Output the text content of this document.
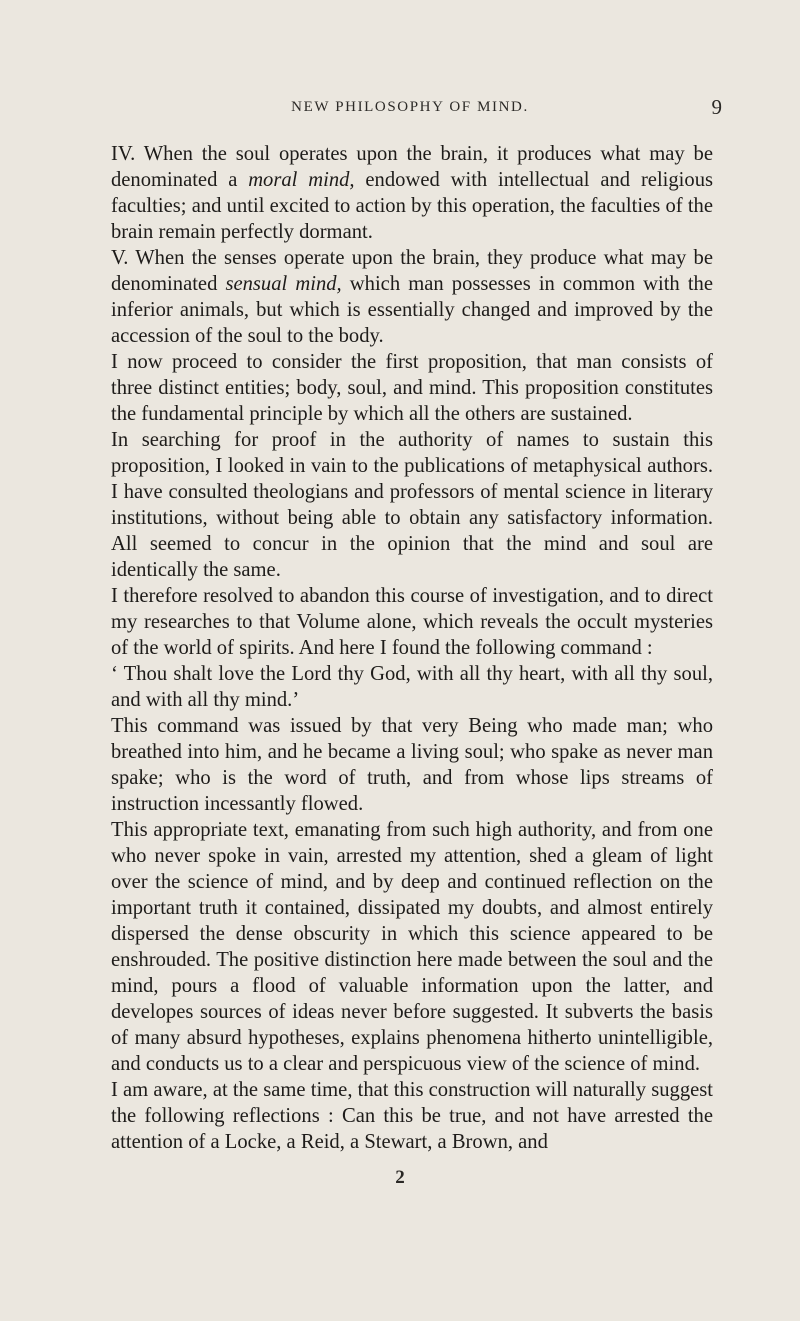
NEW PHILOSOPHY OF MIND.	9

IV. When the soul operates upon the brain, it produces what may be denominated a moral mind, endowed with intellectual and religious faculties; and until excited to action by this operation, the faculties of the brain remain perfectly dormant.

V. When the senses operate upon the brain, they produce what may be denominated sensual mind, which man possesses in common with the inferior animals, but which is essentially changed and improved by the accession of the soul to the body.

I now proceed to consider the first proposition, that man consists of three distinct entities; body, soul, and mind. This proposition constitutes the fundamental principle by which all the others are sustained.

In searching for proof in the authority of names to sustain this proposition, I looked in vain to the publications of metaphysical authors. I have consulted theologians and professors of mental science in literary institutions, without being able to obtain any satisfactory information. All seemed to concur in the opinion that the mind and soul are identically the same.

I therefore resolved to abandon this course of investigation, and to direct my researches to that Volume alone, which reveals the occult mysteries of the world of spirits. And here I found the following command :

‘ Thou shalt love the Lord thy God, with all thy heart, with all thy soul, and with all thy mind.’

This command was issued by that very Being who made man; who breathed into him, and he became a living soul; who spake as never man spake; who is the word of truth, and from whose lips streams of instruction incessantly flowed.

This appropriate text, emanating from such high authority, and from one who never spoke in vain, arrested my attention, shed a gleam of light over the science of mind, and by deep and continued reflection on the important truth it contained, dissipated my doubts, and almost entirely dispersed the dense obscurity in which this science appeared to be enshrouded. The positive distinction here made between the soul and the mind, pours a flood of valuable information upon the latter, and developes sources of ideas never before suggested. It subverts the basis of many absurd hypotheses, explains phenomena hitherto unintelligible, and conducts us to a clear and perspicuous view of the science of mind.

I am aware, at the same time, that this construction will naturally suggest the following reflections : Can this be true, and not have arrested the attention of a Locke, a Reid, a Stewart, a Brown, and

2
